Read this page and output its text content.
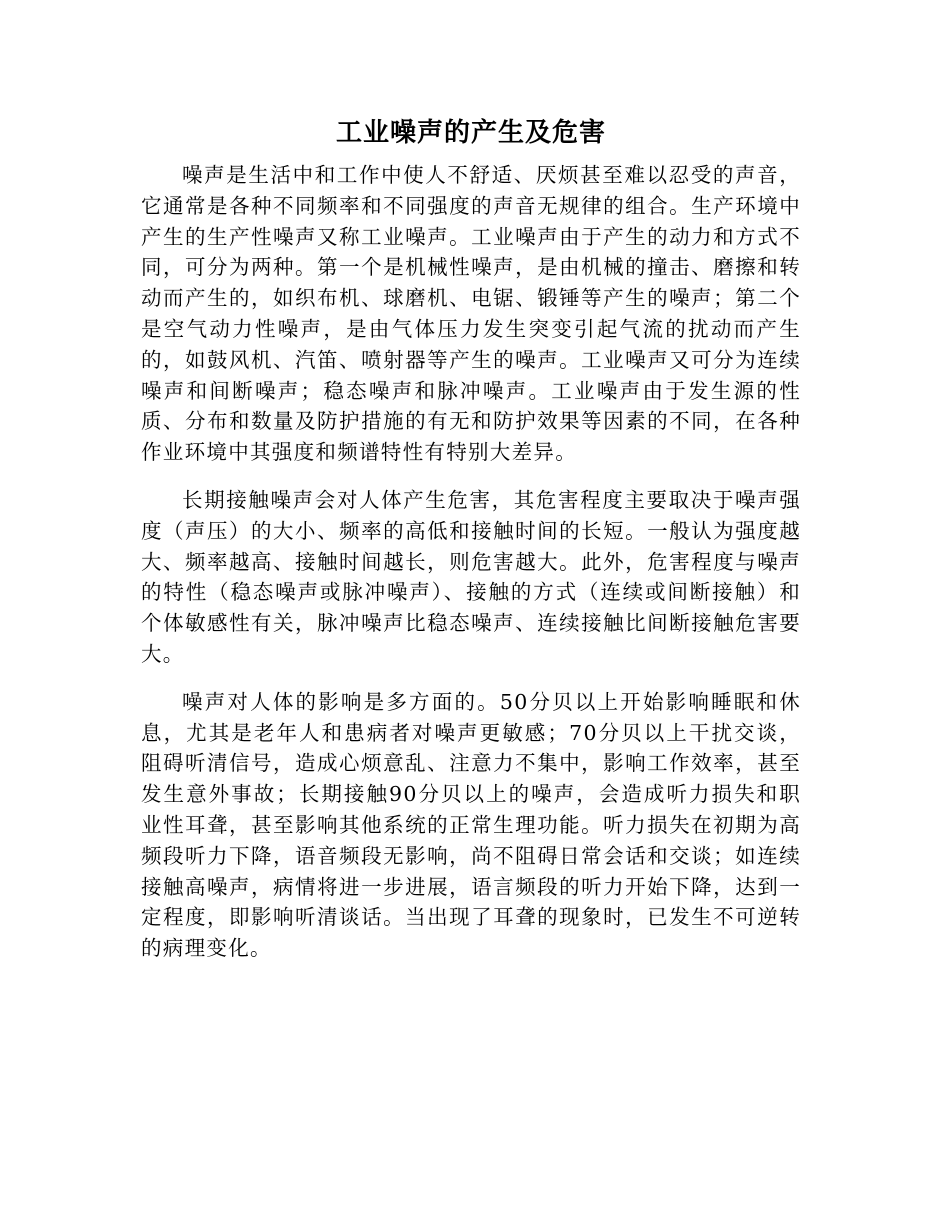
工业噪声的产生及危害

噪声是生活中和工作中使人不舒适、厌烦甚至难以忍受的声音，它通常是各种不同频率和不同强度的声音无规律的组合。生产环境中产生的生产性噪声又称工业噪声。工业噪声由于产生的动力和方式不同，可分为两种。第一个是机械性噪声，是由机械的撞击、磨擦和转动而产生的，如织布机、球磨机、电锯、锻锤等产生的噪声；第二个是空气动力性噪声，是由气体压力发生突变引起气流的扰动而产生的，如鼓风机、汽笛、喷射器等产生的噪声。工业噪声又可分为连续噪声和间断噪声；稳态噪声和脉冲噪声。工业噪声由于发生源的性质、分布和数量及防护措施的有无和防护效果等因素的不同，在各种作业环境中其强度和频谱特性有特别大差异。

长期接触噪声会对人体产生危害，其危害程度主要取决于噪声强度（声压）的大小、频率的高低和接触时间的长短。一般认为强度越大、频率越高、接触时间越长，则危害越大。此外，危害程度与噪声的特性（稳态噪声或脉冲噪声）、接触的方式（连续或间断接触）和个体敏感性有关，脉冲噪声比稳态噪声、连续接触比间断接触危害要大。

噪声对人体的影响是多方面的。50分贝以上开始影响睡眠和休息，尤其是老年人和患病者对噪声更敏感；70分贝以上干扰交谈，阻碍听清信号，造成心烦意乱、注意力不集中，影响工作效率，甚至发生意外事故；长期接触90分贝以上的噪声，会造成听力损失和职业性耳聋，甚至影响其他系统的正常生理功能。听力损失在初期为高频段听力下降，语音频段无影响，尚不阻碍日常会话和交谈；如连续接触高噪声，病情将进一步进展，语言频段的听力开始下降，达到一定程度，即影响听清谈话。当出现了耳聋的现象时，已发生不可逆转的病理变化。
